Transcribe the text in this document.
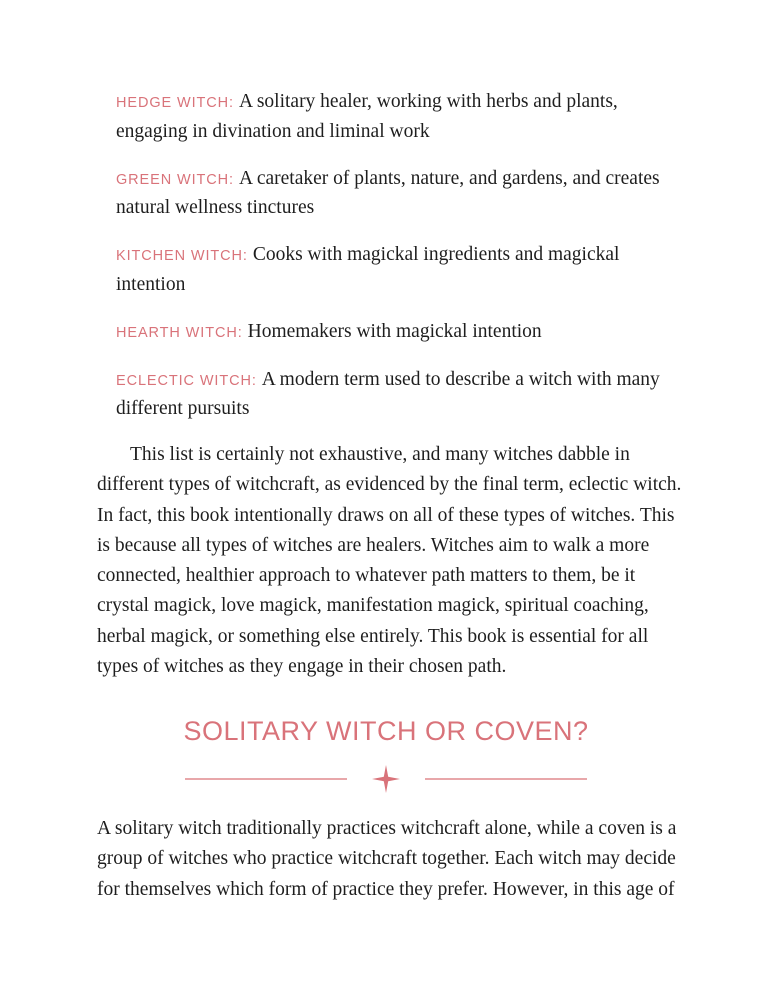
HEDGE WITCH: A solitary healer, working with herbs and plants, engaging in divination and liminal work

GREEN WITCH: A caretaker of plants, nature, and gardens, and creates natural wellness tinctures

KITCHEN WITCH: Cooks with magickal ingredients and magickal intention

HEARTH WITCH: Homemakers with magickal intention

ECLECTIC WITCH: A modern term used to describe a witch with many different pursuits

This list is certainly not exhaustive, and many witches dabble in different types of witchcraft, as evidenced by the final term, eclectic witch. In fact, this book intentionally draws on all of these types of witches. This is because all types of witches are healers. Witches aim to walk a more connected, healthier approach to whatever path matters to them, be it crystal magick, love magick, manifestation magick, spiritual coaching, herbal magick, or something else entirely. This book is essential for all types of witches as they engage in their chosen path.

SOLITARY WITCH OR COVEN?

A solitary witch traditionally practices witchcraft alone, while a coven is a group of witches who practice witchcraft together. Each witch may decide for themselves which form of practice they prefer. However, in this age of
